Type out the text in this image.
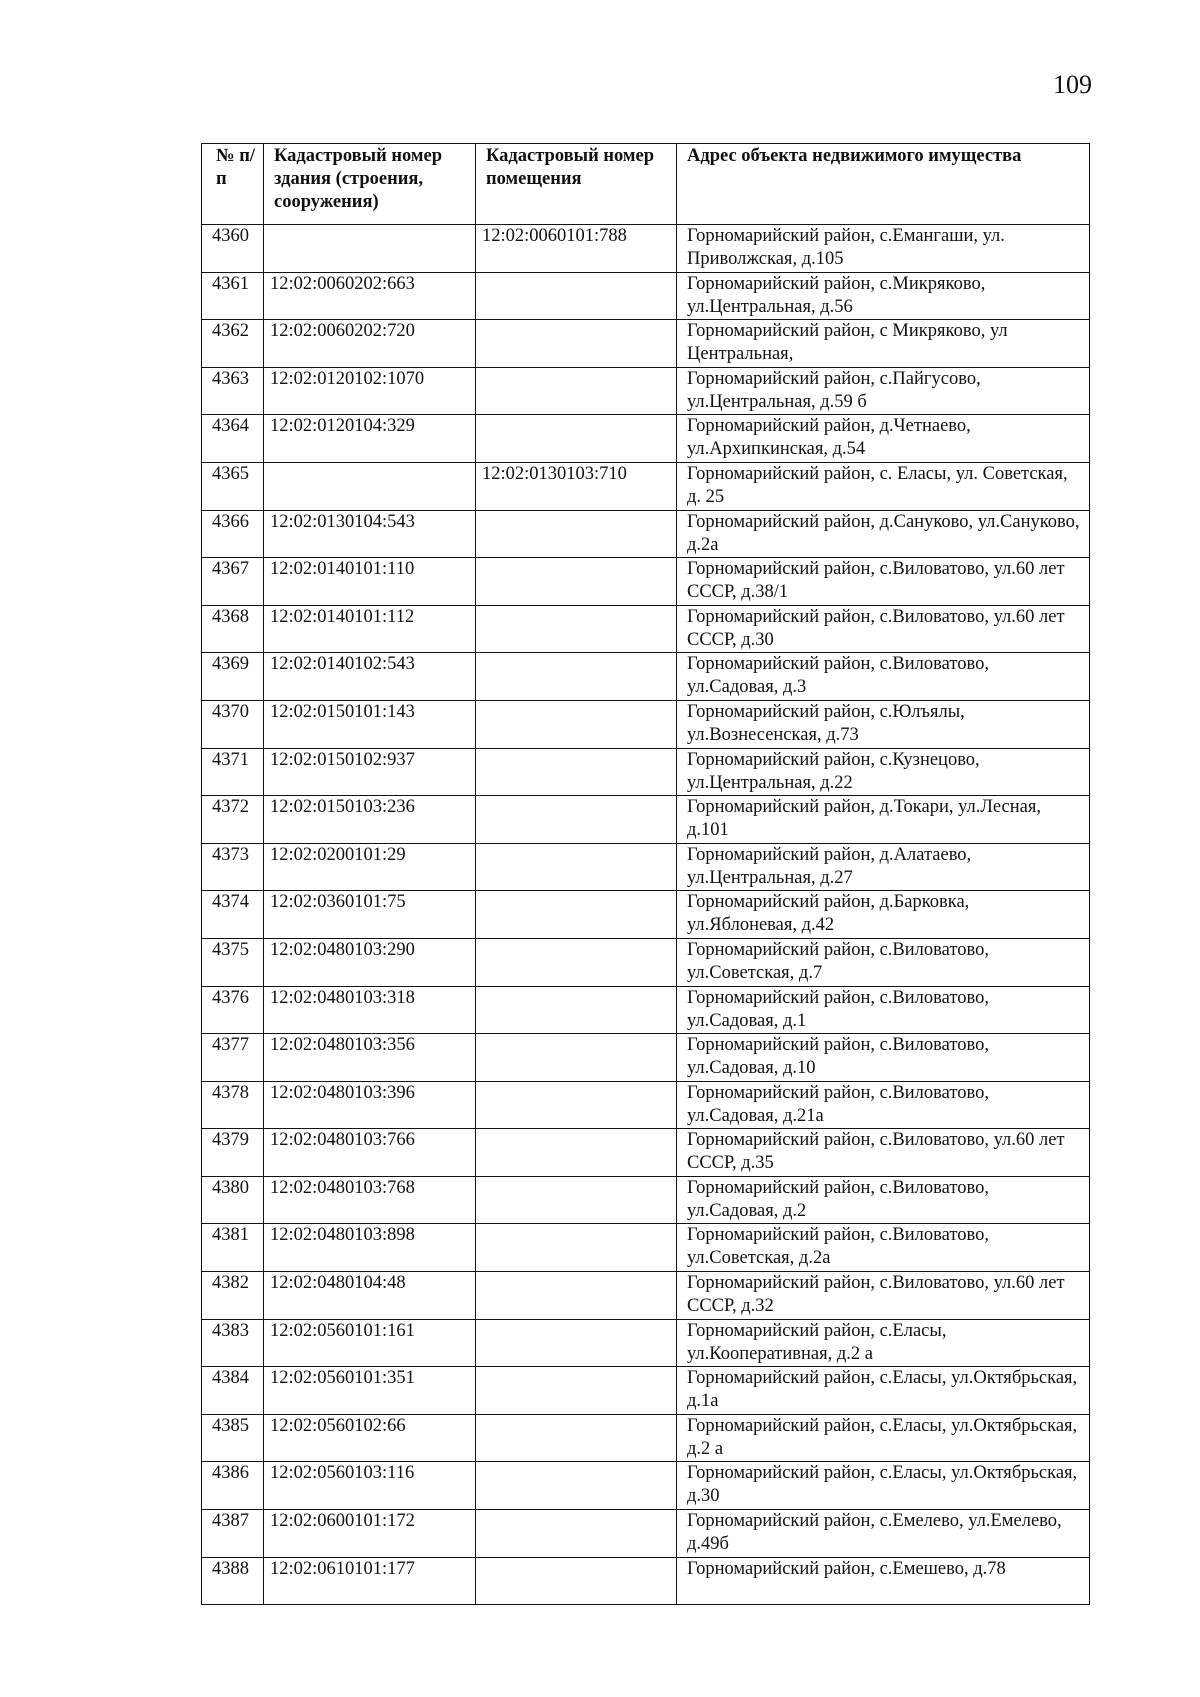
109
№ п/п	Кадастровый номер здания (строения, сооружения)	Кадастровый номер помещения	Адрес объекта недвижимого имущества
4360		12:02:0060101:788	Горномарийский район, с.Емангаши, ул. Приволжская, д.105
4361	12:02:0060202:663		Горномарийский район, с.Микряково, ул.Центральная, д.56
4362	12:02:0060202:720		Горномарийский район, с Микряково, ул Центральная,
4363	12:02:0120102:1070		Горномарийский район, с.Пайгусово, ул.Центральная, д.59 б
4364	12:02:0120104:329		Горномарийский район, д.Четнаево, ул.Архипкинская, д.54
4365		12:02:0130103:710	Горномарийский район, с. Еласы, ул. Советская, д. 25
4366	12:02:0130104:543		Горномарийский район, д.Сануково, ул.Сануково, д.2а
4367	12:02:0140101:110		Горномарийский район, с.Виловатово, ул.60 лет СССР, д.38/1
4368	12:02:0140101:112		Горномарийский район, с.Виловатово, ул.60 лет СССР, д.30
4369	12:02:0140102:543		Горномарийский район, с.Виловатово, ул.Садовая, д.3
4370	12:02:0150101:143		Горномарийский район, с.Юлъялы, ул.Вознесенская, д.73
4371	12:02:0150102:937		Горномарийский район, с.Кузнецово, ул.Центральная, д.22
4372	12:02:0150103:236		Горномарийский район, д.Токари, ул.Лесная, д.101
4373	12:02:0200101:29		Горномарийский район, д.Алатаево, ул.Центральная, д.27
4374	12:02:0360101:75		Горномарийский район, д.Барковка, ул.Яблоневая, д.42
4375	12:02:0480103:290		Горномарийский район, с.Виловатово, ул.Советская, д.7
4376	12:02:0480103:318		Горномарийский район, с.Виловатово, ул.Садовая, д.1
4377	12:02:0480103:356		Горномарийский район, с.Виловатово, ул.Садовая, д.10
4378	12:02:0480103:396		Горномарийский район, с.Виловатово, ул.Садовая, д.21а
4379	12:02:0480103:766		Горномарийский район, с.Виловатово, ул.60 лет СССР, д.35
4380	12:02:0480103:768		Горномарийский район, с.Виловатово, ул.Садовая, д.2
4381	12:02:0480103:898		Горномарийский район, с.Виловатово, ул.Советская, д.2а
4382	12:02:0480104:48		Горномарийский район, с.Виловатово, ул.60 лет СССР, д.32
4383	12:02:0560101:161		Горномарийский район, с.Еласы, ул.Кооперативная, д.2 а
4384	12:02:0560101:351		Горномарийский район, с.Еласы, ул.Октябрьская, д.1а
4385	12:02:0560102:66		Горномарийский район, с.Еласы, ул.Октябрьская, д.2 а
4386	12:02:0560103:116		Горномарийский район, с.Еласы, ул.Октябрьская, д.30
4387	12:02:0600101:172		Горномарийский район, с.Емелево, ул.Емелево, д.49б
4388	12:02:0610101:177		Горномарийский район, с.Емешево, д.78
